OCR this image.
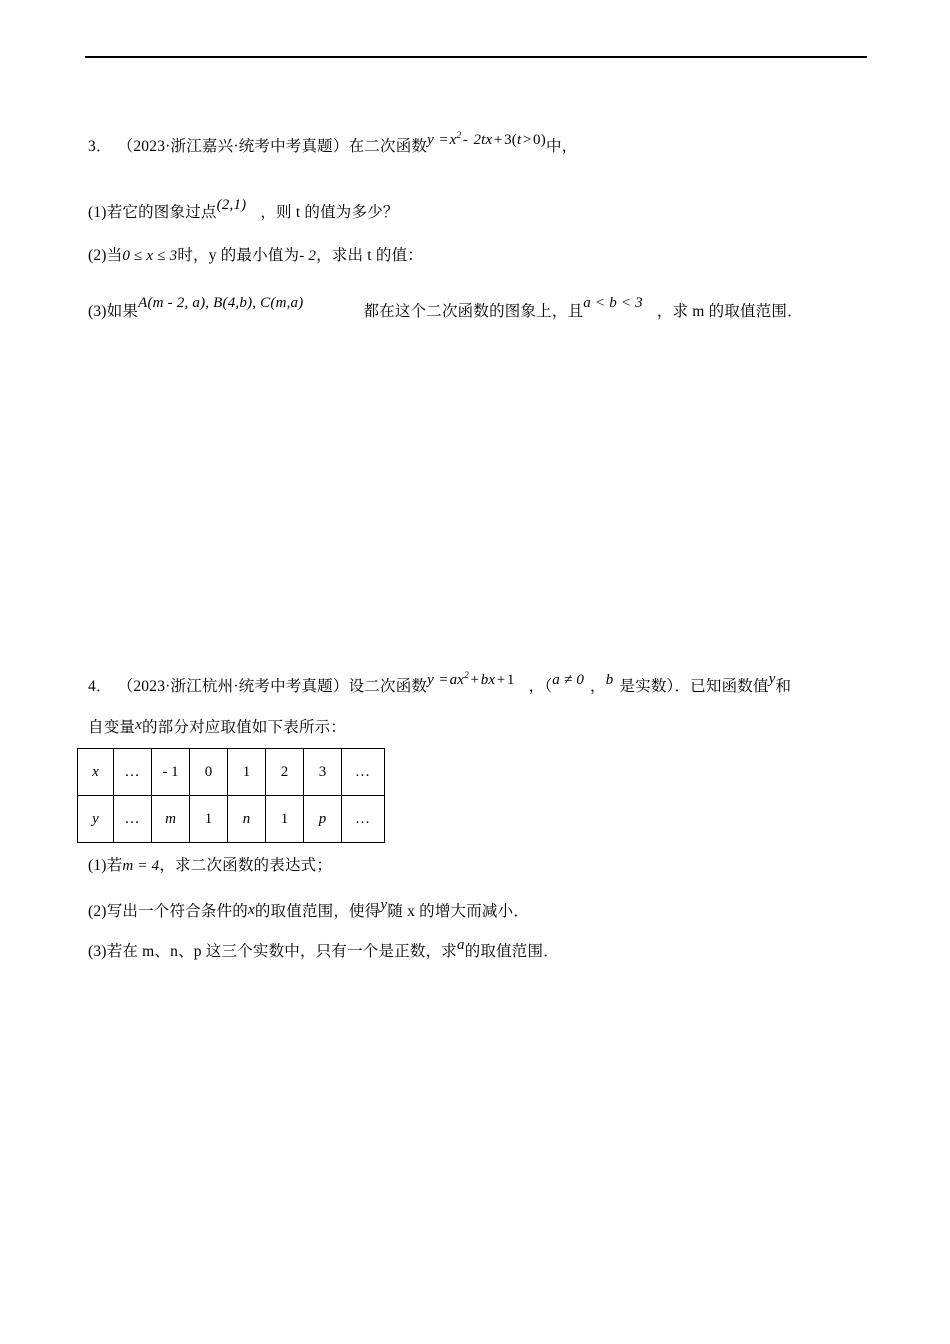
3． （2023·浙江嘉兴·统考中考真题）在二次函数$y = x^2 - 2tx + 3(t > 0)$中，
(1)若它的图象过点(2,1) ，则 t 的值为多少？
(2)当0 ≤ x ≤ 3时，y 的最小值为- 2，求出 t 的值：
(3)如果A(m - 2, a), B(4,b), C(m,a)	都在这个二次函数的图象上，且a < b < 3 ，求 m 的取值范围．
4． （2023·浙江杭州·统考中考真题）设二次函数$y = ax^2$ + bx + 1 ，（a ≠ 0 ，b 是实数）．已知函数值y和
自变量x的部分对应取值如下表所示：
x	…	- 1	0	1	2	3	…
y	…	m	1	n	1	p	…
(1)若m = 4，求二次函数的表达式；
(2)写出一个符合条件的x的取值范围，使得y随 x 的增大而减小．
(3)若在 m、n、p 这三个实数中，只有一个是正数，求a的取值范围．
